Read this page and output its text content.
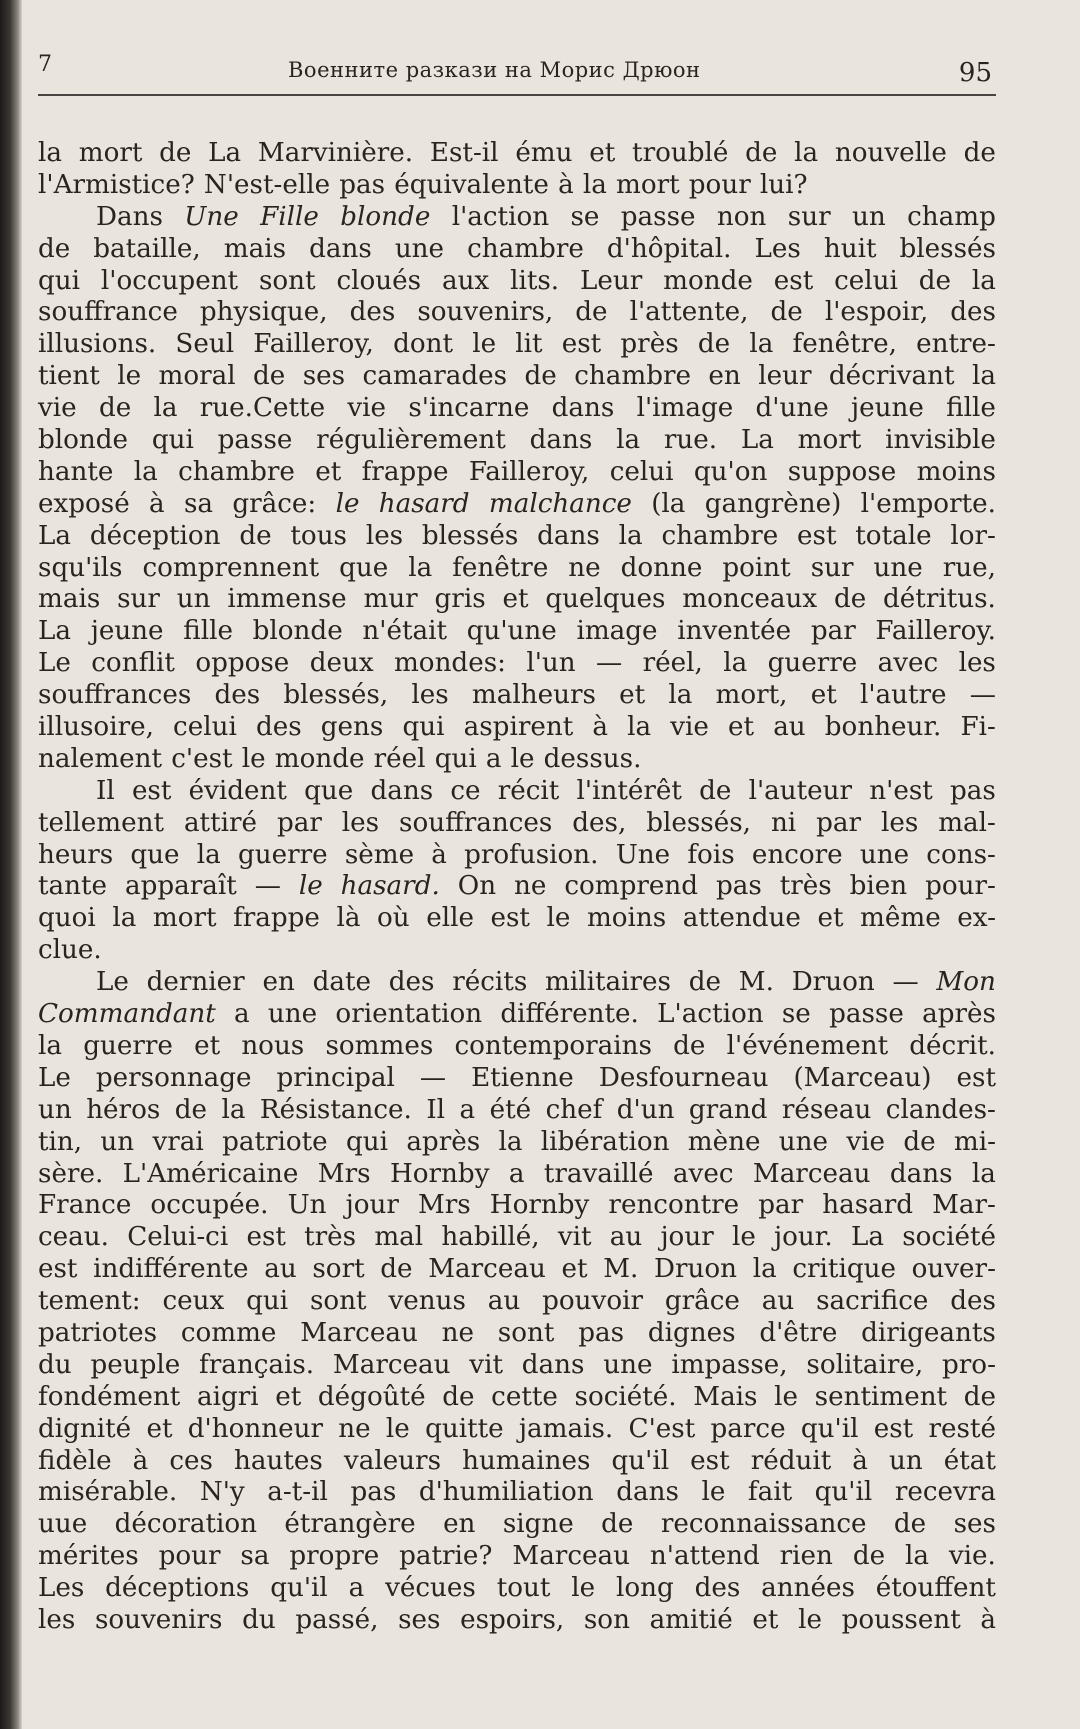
7	Военните разкази на Морис Дрюон	95
la mort de La Marvinière. Est-il ému et troublé de la nouvelle de
l'Armistice? N'est-elle pas équivalente à la mort pour lui?
Dans Une Fille blonde l'action se passe non sur un champ
de bataille, mais dans une chambre d'hôpital. Les huit blessés
qui l'occupent sont cloués aux lits. Leur monde est celui de la
souffrance physique, des souvenirs, de l'attente, de l'espoir, des
illusions. Seul Failleroy, dont le lit est près de la fenêtre, entre-
tient le moral de ses camarades de chambre en leur décrivant la
vie de la rue.Cette vie s'incarne dans l'image d'une jeune fille
blonde qui passe régulièrement dans la rue. La mort invisible
hante la chambre et frappe Failleroy, celui qu'on suppose moins
exposé à sa grâce: le hasard malchance (la gangrène) l'emporte.
La déception de tous les blessés dans la chambre est totale lor-
squ'ils comprennent que la fenêtre ne donne point sur une rue,
mais sur un immense mur gris et quelques monceaux de détritus.
La jeune fille blonde n'était qu'une image inventée par Failleroy.
Le conflit oppose deux mondes: l'un — réel, la guerre avec les
souffrances des blessés, les malheurs et la mort, et l'autre —
illusoire, celui des gens qui aspirent à la vie et au bonheur. Fi-
nalement c'est le monde réel qui a le dessus.
Il est évident que dans ce récit l'intérêt de l'auteur n'est pas
tellement attiré par les souffrances des, blessés, ni par les mal-
heurs que la guerre sème à profusion. Une fois encore une cons-
tante apparaît — le hasard. On ne comprend pas très bien pour-
quoi la mort frappe là où elle est le moins attendue et même ex-
clue.
Le dernier en date des récits militaires de M. Druon — Mon
Commandant a une orientation différente. L'action se passe après
la guerre et nous sommes contemporains de l'événement décrit.
Le personnage principal — Etienne Desfourneau (Marceau) est
un héros de la Résistance. Il a été chef d'un grand réseau clandes-
tin, un vrai patriote qui après la libération mène une vie de mi-
sère. L'Américaine Mrs Hornby a travaillé avec Marceau dans la
France occupée. Un jour Mrs Hornby rencontre par hasard Mar-
ceau. Celui-ci est très mal habillé, vit au jour le jour. La société
est indifférente au sort de Marceau et M. Druon la critique ouver-
tement: ceux qui sont venus au pouvoir grâce au sacrifice des
patriotes comme Marceau ne sont pas dignes d'être dirigeants
du peuple français. Marceau vit dans une impasse, solitaire, pro-
fondément aigri et dégoûté de cette société. Mais le sentiment de
dignité et d'honneur ne le quitte jamais. C'est parce qu'il est resté
fidèle à ces hautes valeurs humaines qu'il est réduit à un état
misérable. N'y a-t-il pas d'humiliation dans le fait qu'il recevra
uue décoration étrangère en signe de reconnaissance de ses
mérites pour sa propre patrie? Marceau n'attend rien de la vie.
Les déceptions qu'il a vécues tout le long des années étouffent
les souvenirs du passé, ses espoirs, son amitié et le poussent à
